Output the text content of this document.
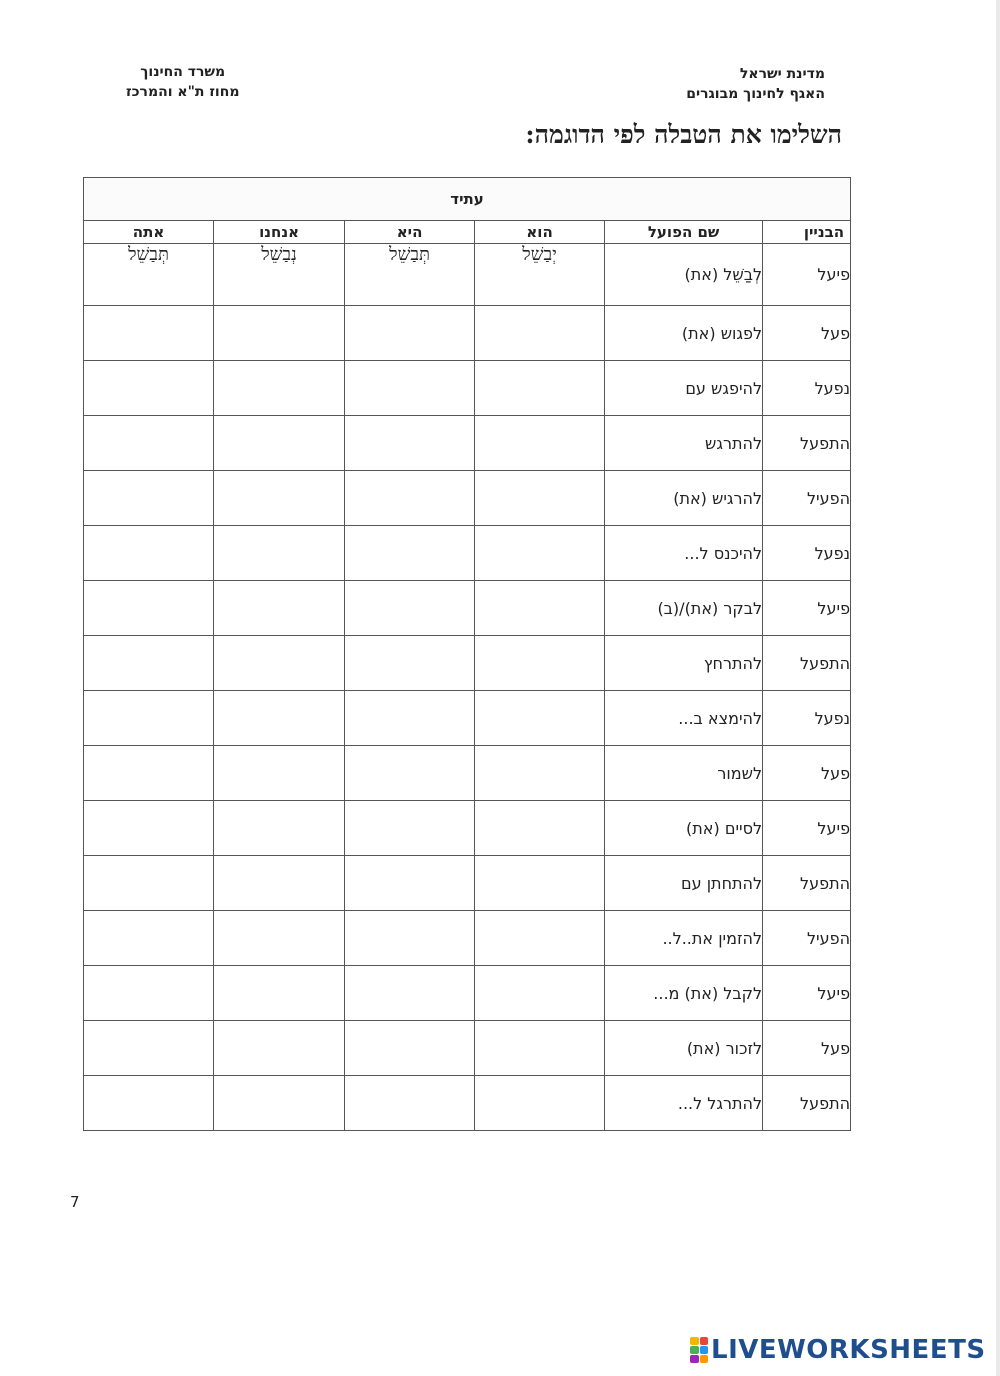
מדינת ישראל
האגף לחינוך מבוגרים
משרד החינוך
מחוז ת"א והמרכז
השלימו את הטבלה לפי הדוגמה:
עתיד					
הבניין	שם הפועל	הוא	היא	אנחנו	אתה
פיעל	לְבַשֵׁל (את)	יְבַשֵׁל	תְּבַשֵׁל	נְבַשֵׁל	תְּבַשֵׁל
פעל	לפגוש (את)				
נפעל	להיפגש עם				
התפעל	להתרגש				
הפעיל	להרגיש (את)				
נפעל	להיכנס ל...				
פיעל	לבקר (את)/(ב)				
התפעל	להתרחץ				
נפעל	להימצא ב...				
פעל	לשמור				
פיעל	לסיים (את)				
התפעל	להתחתן עם				
הפעיל	להזמין את..ל..				
פיעל	לקבל (את) מ...				
פעל	לזכור (את)				
התפעל	להתרגל ל...				
7
LIVEWORKSHEETS
